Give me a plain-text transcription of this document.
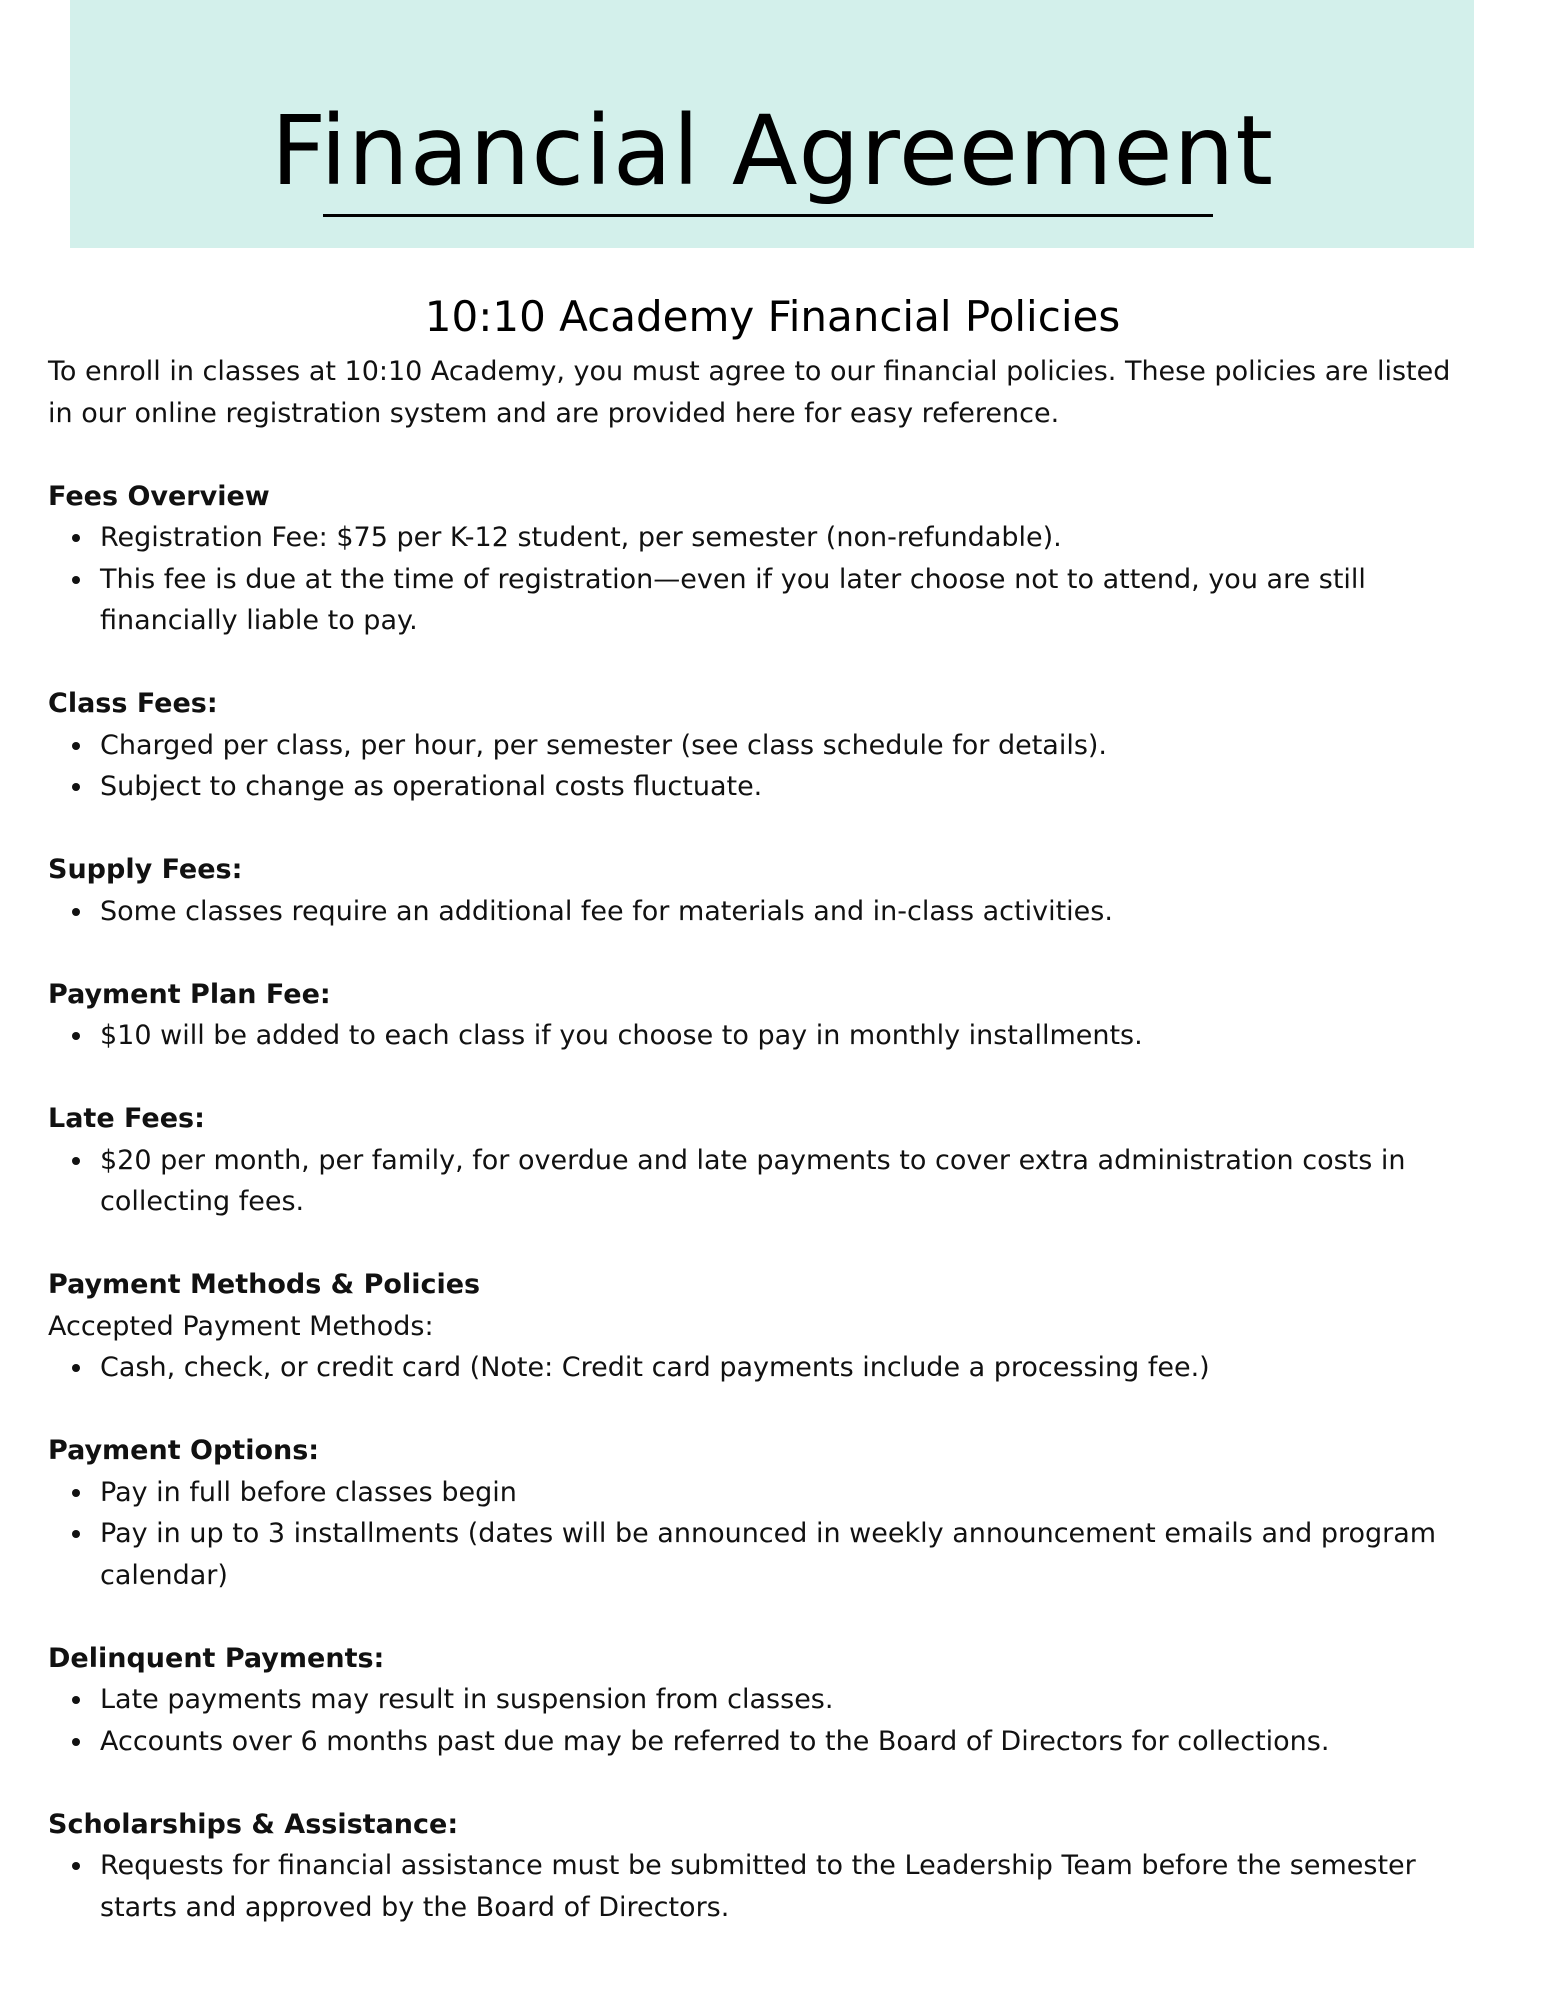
Financial Agreement
10:10 Academy Financial Policies

To enroll in classes at 10:10 Academy, you must agree to our financial policies. These policies are listed in our online registration system and are provided here for easy reference.

Fees Overview

Registration Fee: $75 per K-12 student, per semester (non-refundable).
This fee is due at the time of registration—even if you later choose not to attend, you are still financially liable to pay.

Class Fees:

Charged per class, per hour, per semester (see class schedule for details).
Subject to change as operational costs fluctuate.

Supply Fees:

Some classes require an additional fee for materials and in-class activities.

Payment Plan Fee:

$10 will be added to each class if you choose to pay in monthly installments.

Late Fees:

$20 per month, per family, for overdue and late payments to cover extra administration costs in collecting fees.

Payment Methods & Policies

Accepted Payment Methods:

Cash, check, or credit card (Note: Credit card payments include a processing fee.)

Payment Options:

Pay in full before classes begin
Pay in up to 3 installments (dates will be announced in weekly announcement emails and program calendar)

Delinquent Payments:

Late payments may result in suspension from classes.
Accounts over 6 months past due may be referred to the Board of Directors for collections.

Scholarships & Assistance:

Requests for financial assistance must be submitted to the Leadership Team before the semester starts and approved by the Board of Directors.
